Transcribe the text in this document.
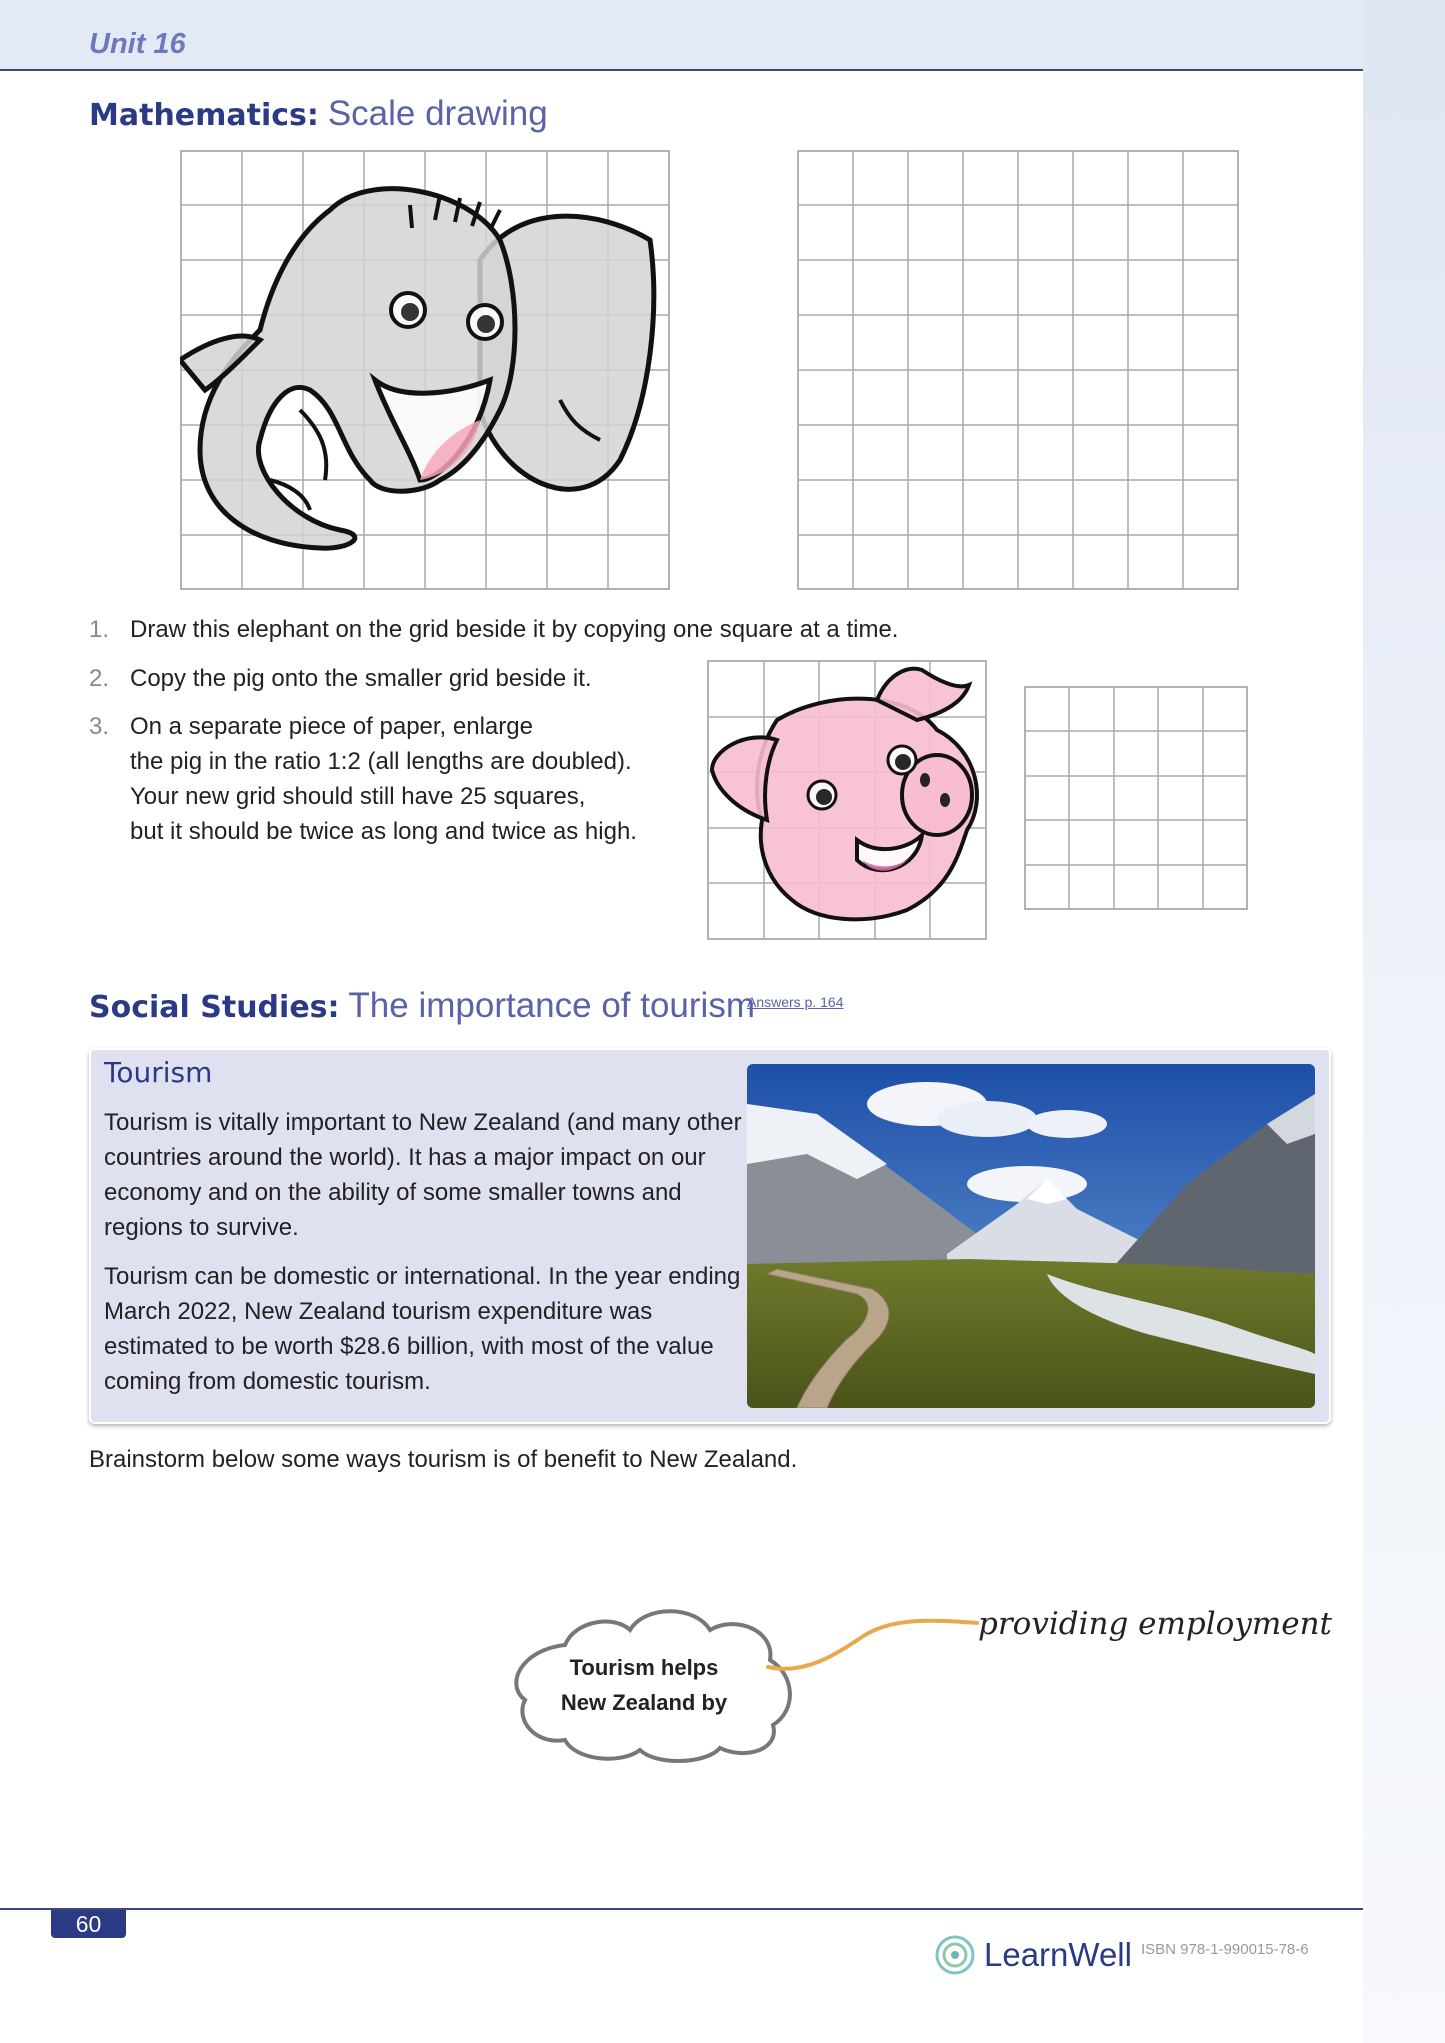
Unit 16
Mathematics: Scale drawing
1. Draw this elephant on the grid beside it by copying one square at a time.
2. Copy the pig onto the smaller grid beside it.
3. On a separate piece of paper, enlarge
the pig in the ratio 1:2 (all lengths are doubled).
Your new grid should still have 25 squares,
but it should be twice as long and twice as high.
Social Studies: The importance of tourism
Answers p. 164
Tourism
Tourism is vitally important to New Zealand (and many other countries around the world). It has a major impact on our economy and on the ability of some smaller towns and regions to survive.
Tourism can be domestic or international. In the year ending March 2022, New Zealand tourism expenditure was estimated to be worth $28.6 billion, with most of the value coming from domestic tourism.
Brainstorm below some ways tourism is of benefit to New Zealand.
Tourism helps
New Zealand by
providing employment
60
LearnWell ISBN 978-1-990015-78-6
